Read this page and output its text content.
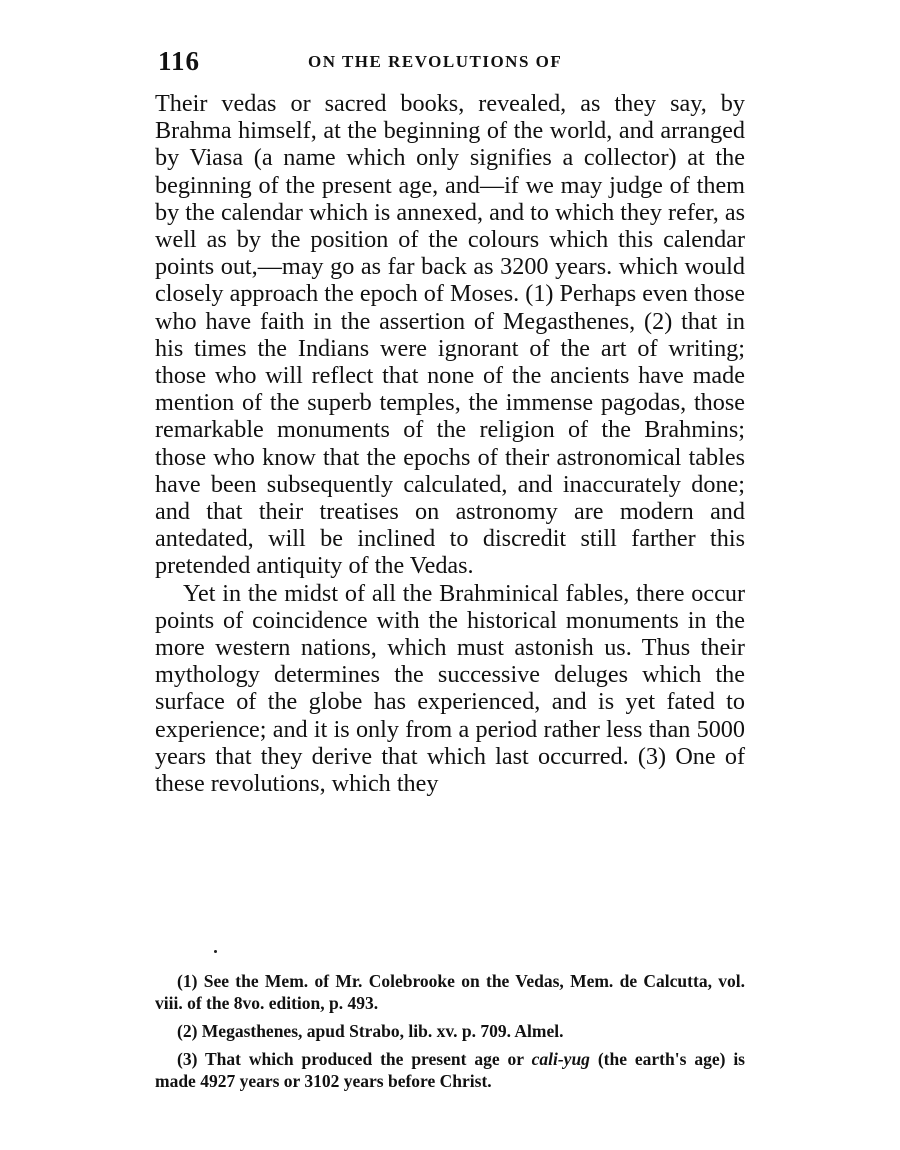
116	ON THE REVOLUTIONS OF

Their vedas or sacred books, revealed, as they say, by Brahma himself, at the beginning of the world, and arranged by Viasa (a name which only signifies a collector) at the beginning of the present age, and—if we may judge of them by the calendar which is annexed, and to which they refer, as well as by the position of the colours which this calendar points out,—may go as far back as 3200 years. which would closely approach the epoch of Moses. (1) Perhaps even those who have faith in the assertion of Megasthenes, (2) that in his times the Indians were ignorant of the art of writing; those who will reflect that none of the ancients have made mention of the superb temples, the immense pagodas, those remarkable monuments of the religion of the Brahmins; those who know that the epochs of their astronomical tables have been subsequently calculated, and inaccurately done; and that their treatises on astronomy are modern and antedated, will be inclined to discredit still farther this pretended antiquity of the Vedas.

Yet in the midst of all the Brahminical fables, there occur points of coincidence with the historical monuments in the more western nations, which must astonish us. Thus their mythology determines the successive deluges which the surface of the globe has experienced, and is yet fated to experience; and it is only from a period rather less than 5000 years that they derive that which last occurred. (3) One of these revolutions, which they

(1) See the Mem. of Mr. Colebrooke on the Vedas, Mem. de Calcutta, vol. viii. of the 8vo. edition, p. 493.

(2) Megasthenes, apud Strabo, lib. xv. p. 709. Almel.

(3) That which produced the present age or cali-yug (the earth's age) is made 4927 years or 3102 years before Christ.
